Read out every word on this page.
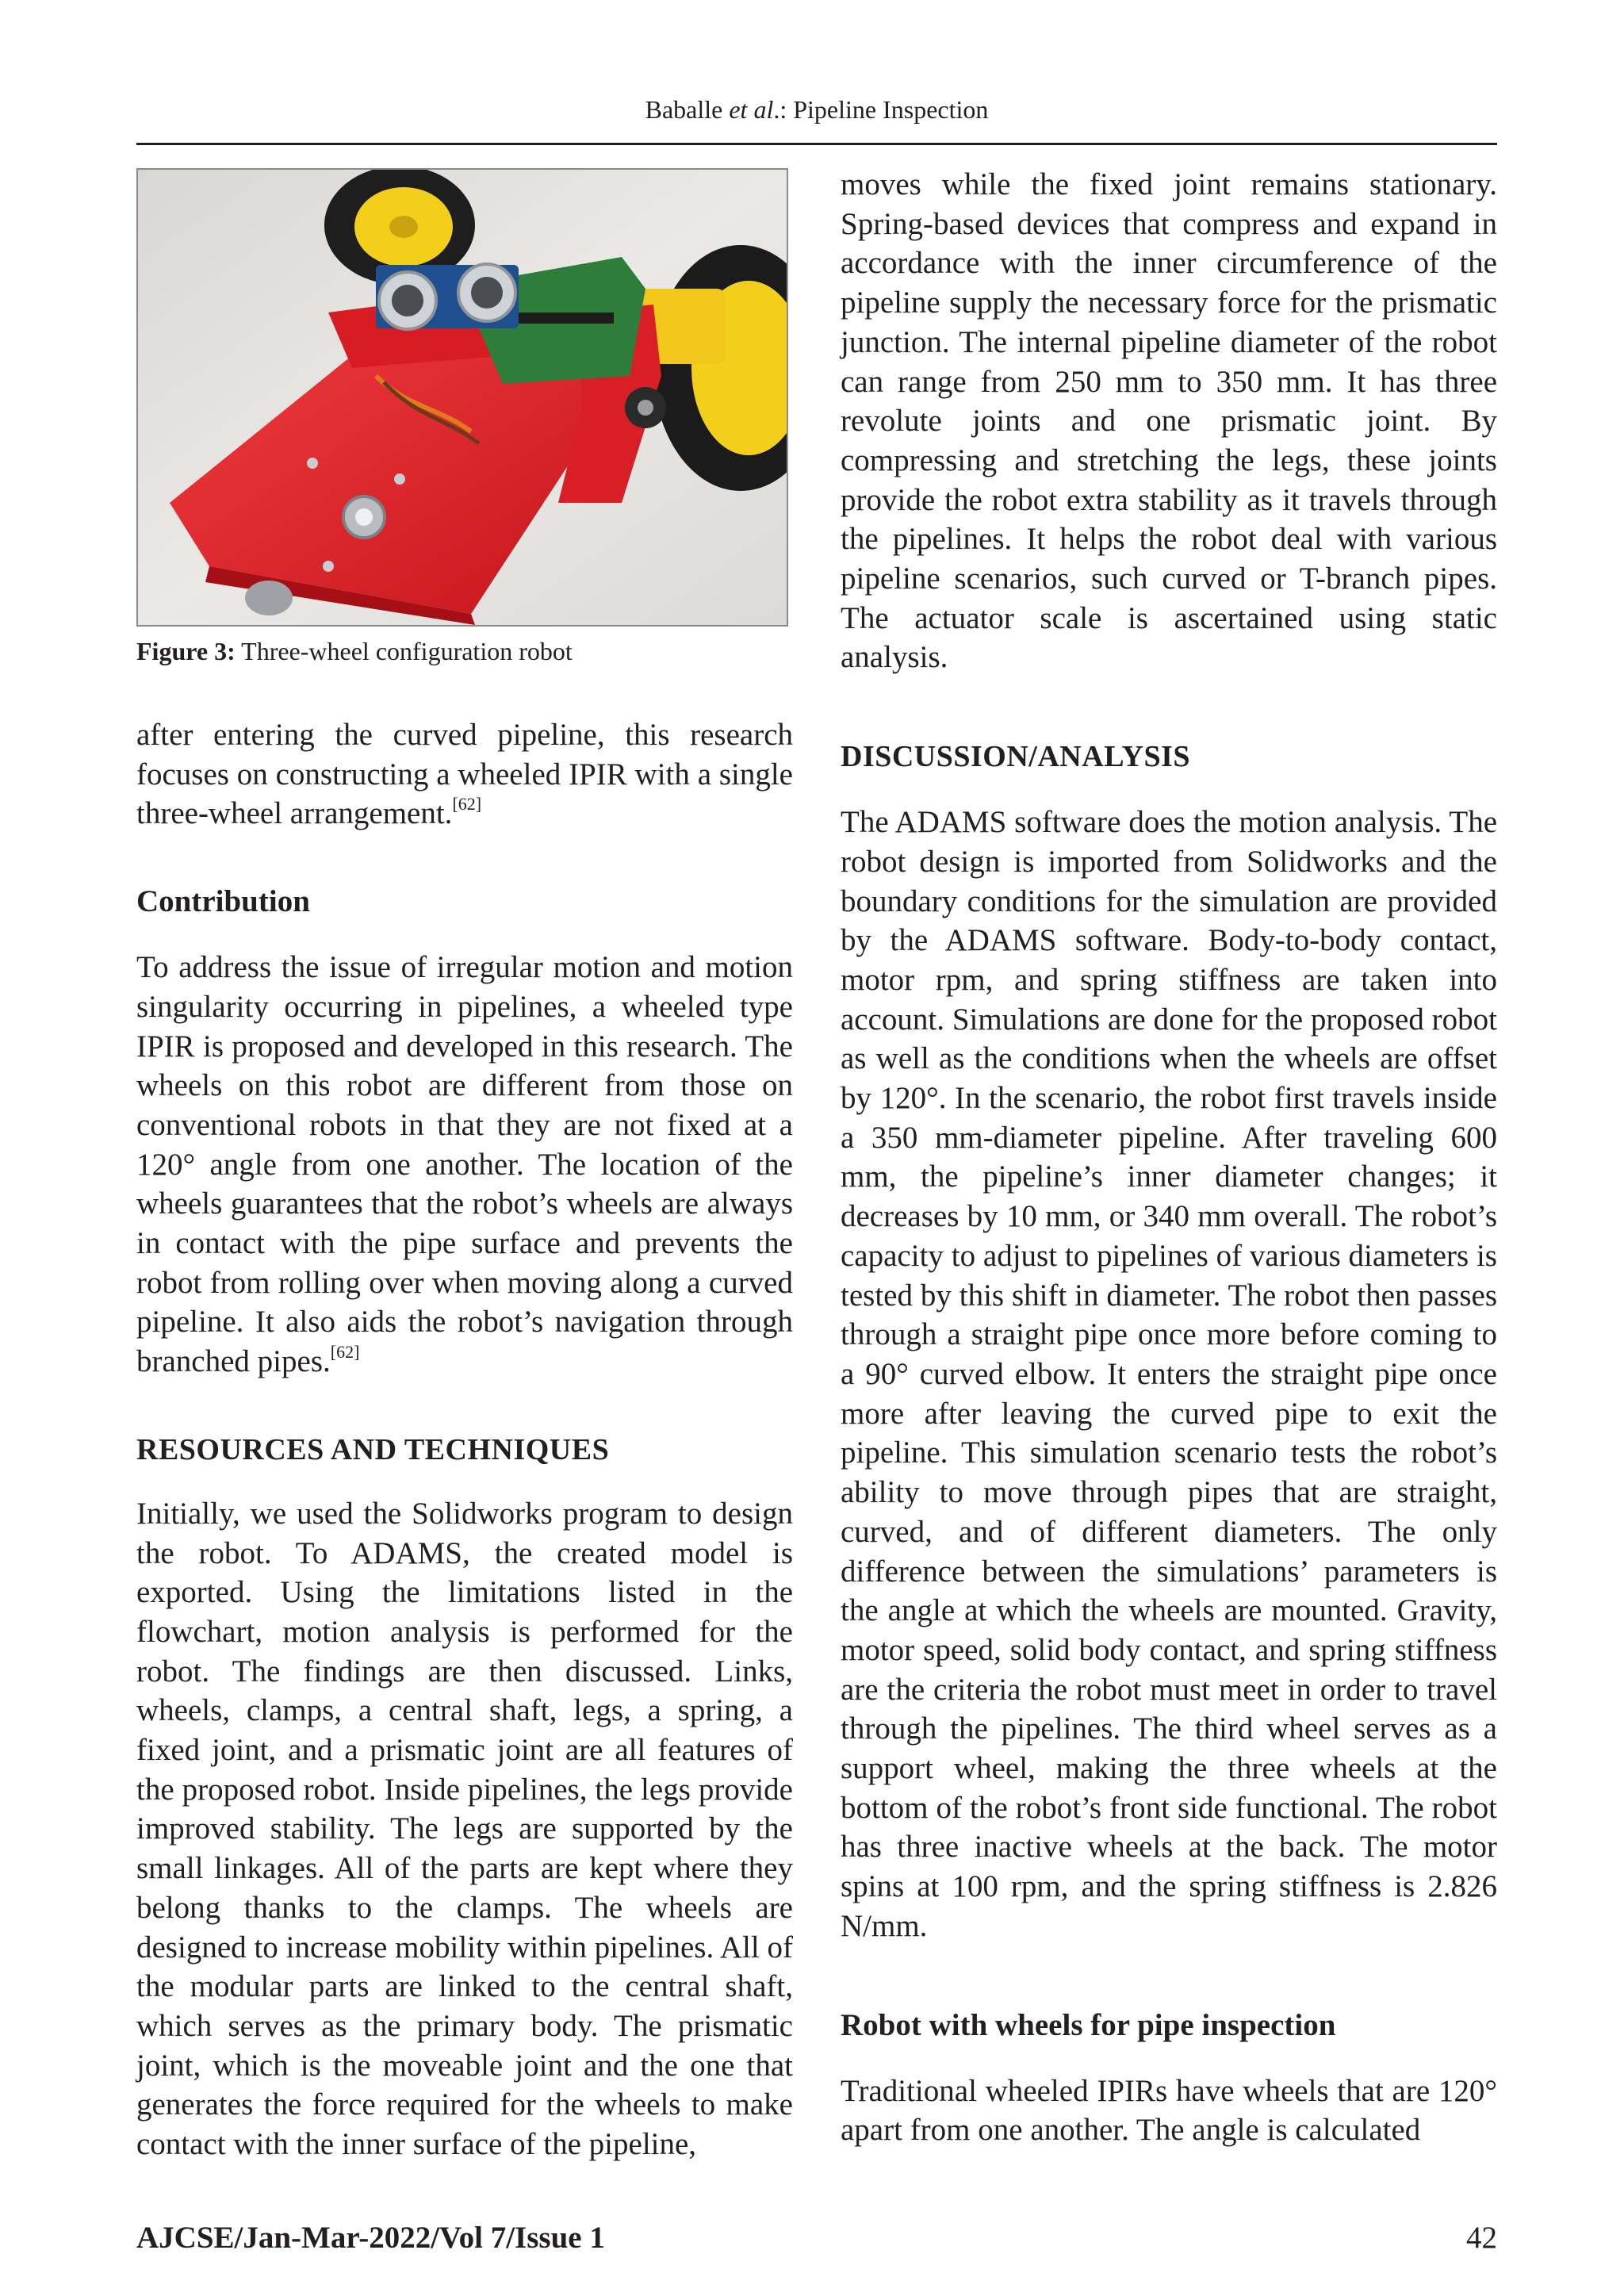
Baballe et al.: Pipeline Inspection
Figure 3: Three-wheel configuration robot

after entering the curved pipeline, this research focuses on constructing a wheeled IPIR with a single three-wheel arrangement.[62]

Contribution

To address the issue of irregular motion and motion singularity occurring in pipelines, a wheeled type IPIR is proposed and developed in this research. The wheels on this robot are different from those on conventional robots in that they are not fixed at a 120° angle from one another. The location of the wheels guarantees that the robot’s wheels are always in contact with the pipe surface and prevents the robot from rolling over when moving along a curved pipeline. It also aids the robot’s navigation through branched pipes.[62]

RESOURCES AND TECHNIQUES

Initially, we used the Solidworks program to design the robot. To ADAMS, the created model is exported. Using the limitations listed in the flowchart, motion analysis is performed for the robot. The findings are then discussed. Links, wheels, clamps, a central shaft, legs, a spring, a fixed joint, and a prismatic joint are all features of the proposed robot. Inside pipelines, the legs provide improved stability. The legs are supported by the small linkages. All of the parts are kept where they belong thanks to the clamps. The wheels are designed to increase mobility within pipelines. All of the modular parts are linked to the central shaft, which serves as the primary body. The prismatic joint, which is the moveable joint and the one that generates the force required for the wheels to make contact with the inner surface of the pipeline,

moves while the fixed joint remains stationary. Spring-based devices that compress and expand in accordance with the inner circumference of the pipeline supply the necessary force for the prismatic junction. The internal pipeline diameter of the robot can range from 250 mm to 350 mm. It has three revolute joints and one prismatic joint. By compressing and stretching the legs, these joints provide the robot extra stability as it travels through the pipelines. It helps the robot deal with various pipeline scenarios, such curved or T-branch pipes. The actuator scale is ascertained using static analysis.

DISCUSSION/ANALYSIS

The ADAMS software does the motion analysis. The robot design is imported from Solidworks and the boundary conditions for the simulation are provided by the ADAMS software. Body-to-body contact, motor rpm, and spring stiffness are taken into account. Simulations are done for the proposed robot as well as the conditions when the wheels are offset by 120°. In the scenario, the robot first travels inside a 350 mm-diameter pipeline. After traveling 600 mm, the pipeline’s inner diameter changes; it decreases by 10 mm, or 340 mm overall. The robot’s capacity to adjust to pipelines of various diameters is tested by this shift in diameter. The robot then passes through a straight pipe once more before coming to a 90° curved elbow. It enters the straight pipe once more after leaving the curved pipe to exit the pipeline. This simulation scenario tests the robot’s ability to move through pipes that are straight, curved, and of different diameters. The only difference between the simulations’ parameters is the angle at which the wheels are mounted. Gravity, motor speed, solid body contact, and spring stiffness are the criteria the robot must meet in order to travel through the pipelines. The third wheel serves as a support wheel, making the three wheels at the bottom of the robot’s front side functional. The robot has three inactive wheels at the back. The motor spins at 100 rpm, and the spring stiffness is 2.826 N/mm.

Robot with wheels for pipe inspection

Traditional wheeled IPIRs have wheels that are 120° apart from one another. The angle is calculated

AJCSE/Jan-Mar-2022/Vol 7/Issue 1	42
